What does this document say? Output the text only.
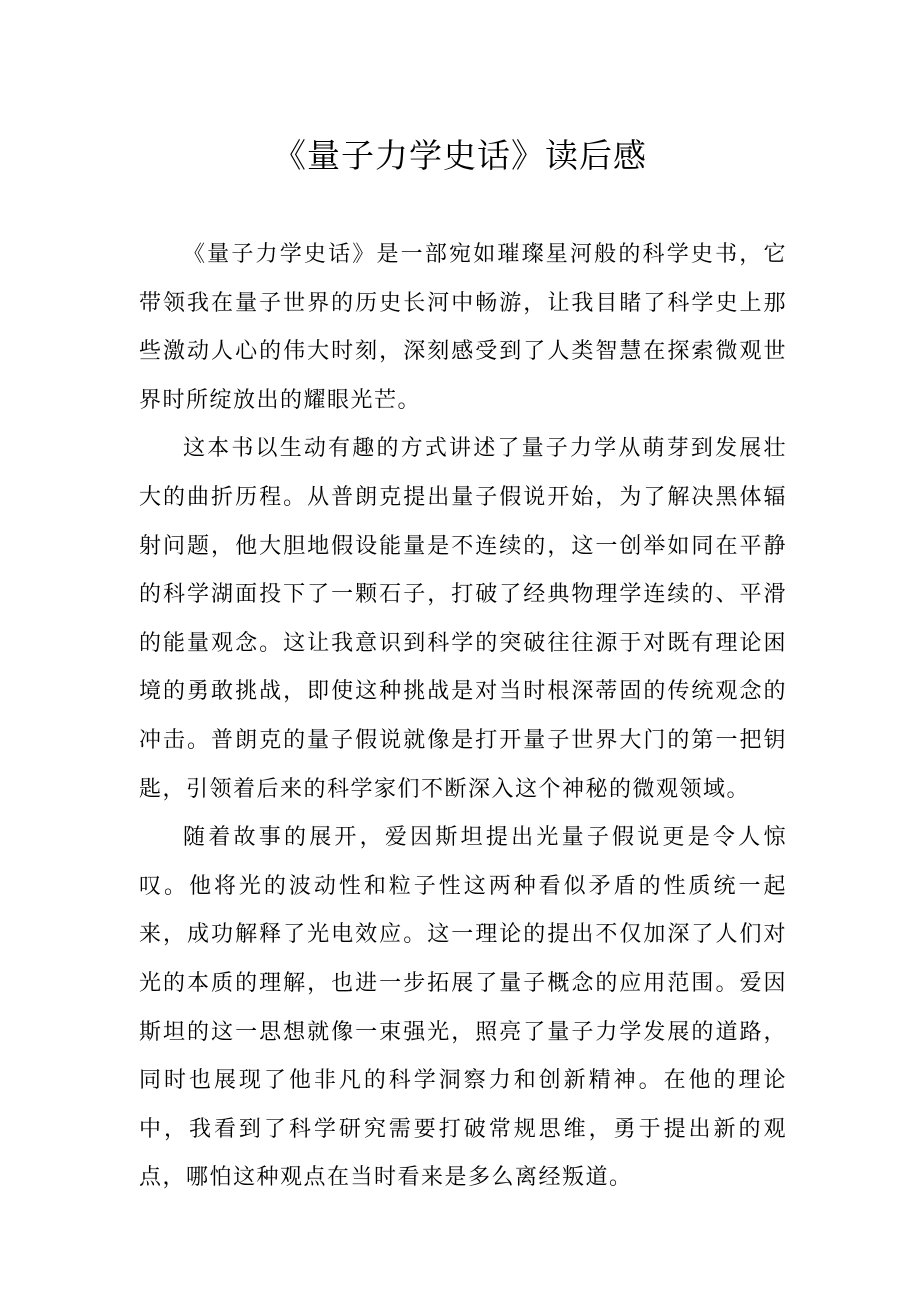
《量子力学史话》读后感

《量子力学史话》是一部宛如璀璨星河般的科学史书，它带领我在量子世界的历史长河中畅游，让我目睹了科学史上那些激动人心的伟大时刻，深刻感受到了人类智慧在探索微观世界时所绽放出的耀眼光芒。

这本书以生动有趣的方式讲述了量子力学从萌芽到发展壮大的曲折历程。从普朗克提出量子假说开始，为了解决黑体辐射问题，他大胆地假设能量是不连续的，这一创举如同在平静的科学湖面投下了一颗石子，打破了经典物理学连续的、平滑的能量观念。这让我意识到科学的突破往往源于对既有理论困境的勇敢挑战，即使这种挑战是对当时根深蒂固的传统观念的冲击。普朗克的量子假说就像是打开量子世界大门的第一把钥匙，引领着后来的科学家们不断深入这个神秘的微观领域。

随着故事的展开，爱因斯坦提出光量子假说更是令人惊叹。他将光的波动性和粒子性这两种看似矛盾的性质统一起来，成功解释了光电效应。这一理论的提出不仅加深了人们对光的本质的理解，也进一步拓展了量子概念的应用范围。爱因斯坦的这一思想就像一束强光，照亮了量子力学发展的道路，同时也展现了他非凡的科学洞察力和创新精神。在他的理论中，我看到了科学研究需要打破常规思维，勇于提出新的观点，哪怕这种观点在当时看来是多么离经叛道。
